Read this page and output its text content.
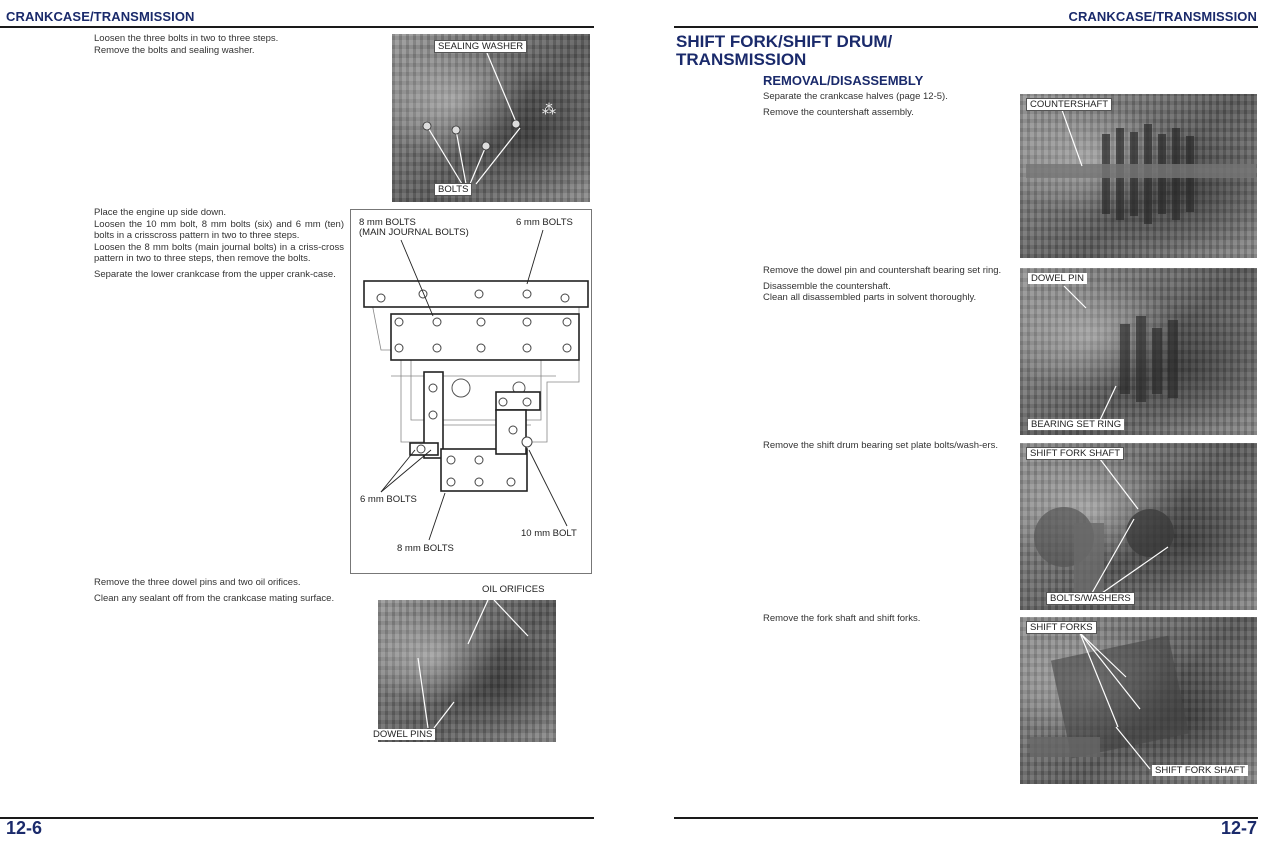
CRANKCASE/TRANSMISSION

Loosen the three bolts in two to three steps.

Remove the bolts and sealing washer.

⁂
SEALING WASHER
BOLTS

Place the engine up side down.

Loosen the 10 mm bolt, 8 mm bolts (six) and 6 mm (ten) bolts in a crisscross pattern in two to three steps.

Loosen the 8 mm bolts (main journal bolts) in a criss-cross pattern in two to three steps, then remove the bolts.

Separate the lower crankcase from the upper crank-case.

8 mm BOLTS
(MAIN JOURNAL BOLTS)
6 mm BOLTS
6 mm BOLTS
10 mm BOLT
8 mm BOLTS

Remove the three dowel pins and two oil orifices.

Clean any sealant off from the crankcase mating surface.

OIL ORIFICES
DOWEL PINS
12-6
CRANKCASE/TRANSMISSION
SHIFT FORK/SHIFT DRUM/
TRANSMISSION
REMOVAL/DISASSEMBLY

Separate the crankcase halves (page 12-5).

Remove the countershaft assembly.

COUNTERSHAFT

Remove the dowel pin and countershaft bearing set ring.

Disassemble the countershaft.

Clean all disassembled parts in solvent thoroughly.

DOWEL PIN
BEARING SET RING

Remove the shift drum bearing set plate bolts/wash-ers.

SHIFT FORK SHAFT
BOLTS/WASHERS

Remove the fork shaft and shift forks.

SHIFT FORKS
SHIFT FORK SHAFT
12-7
